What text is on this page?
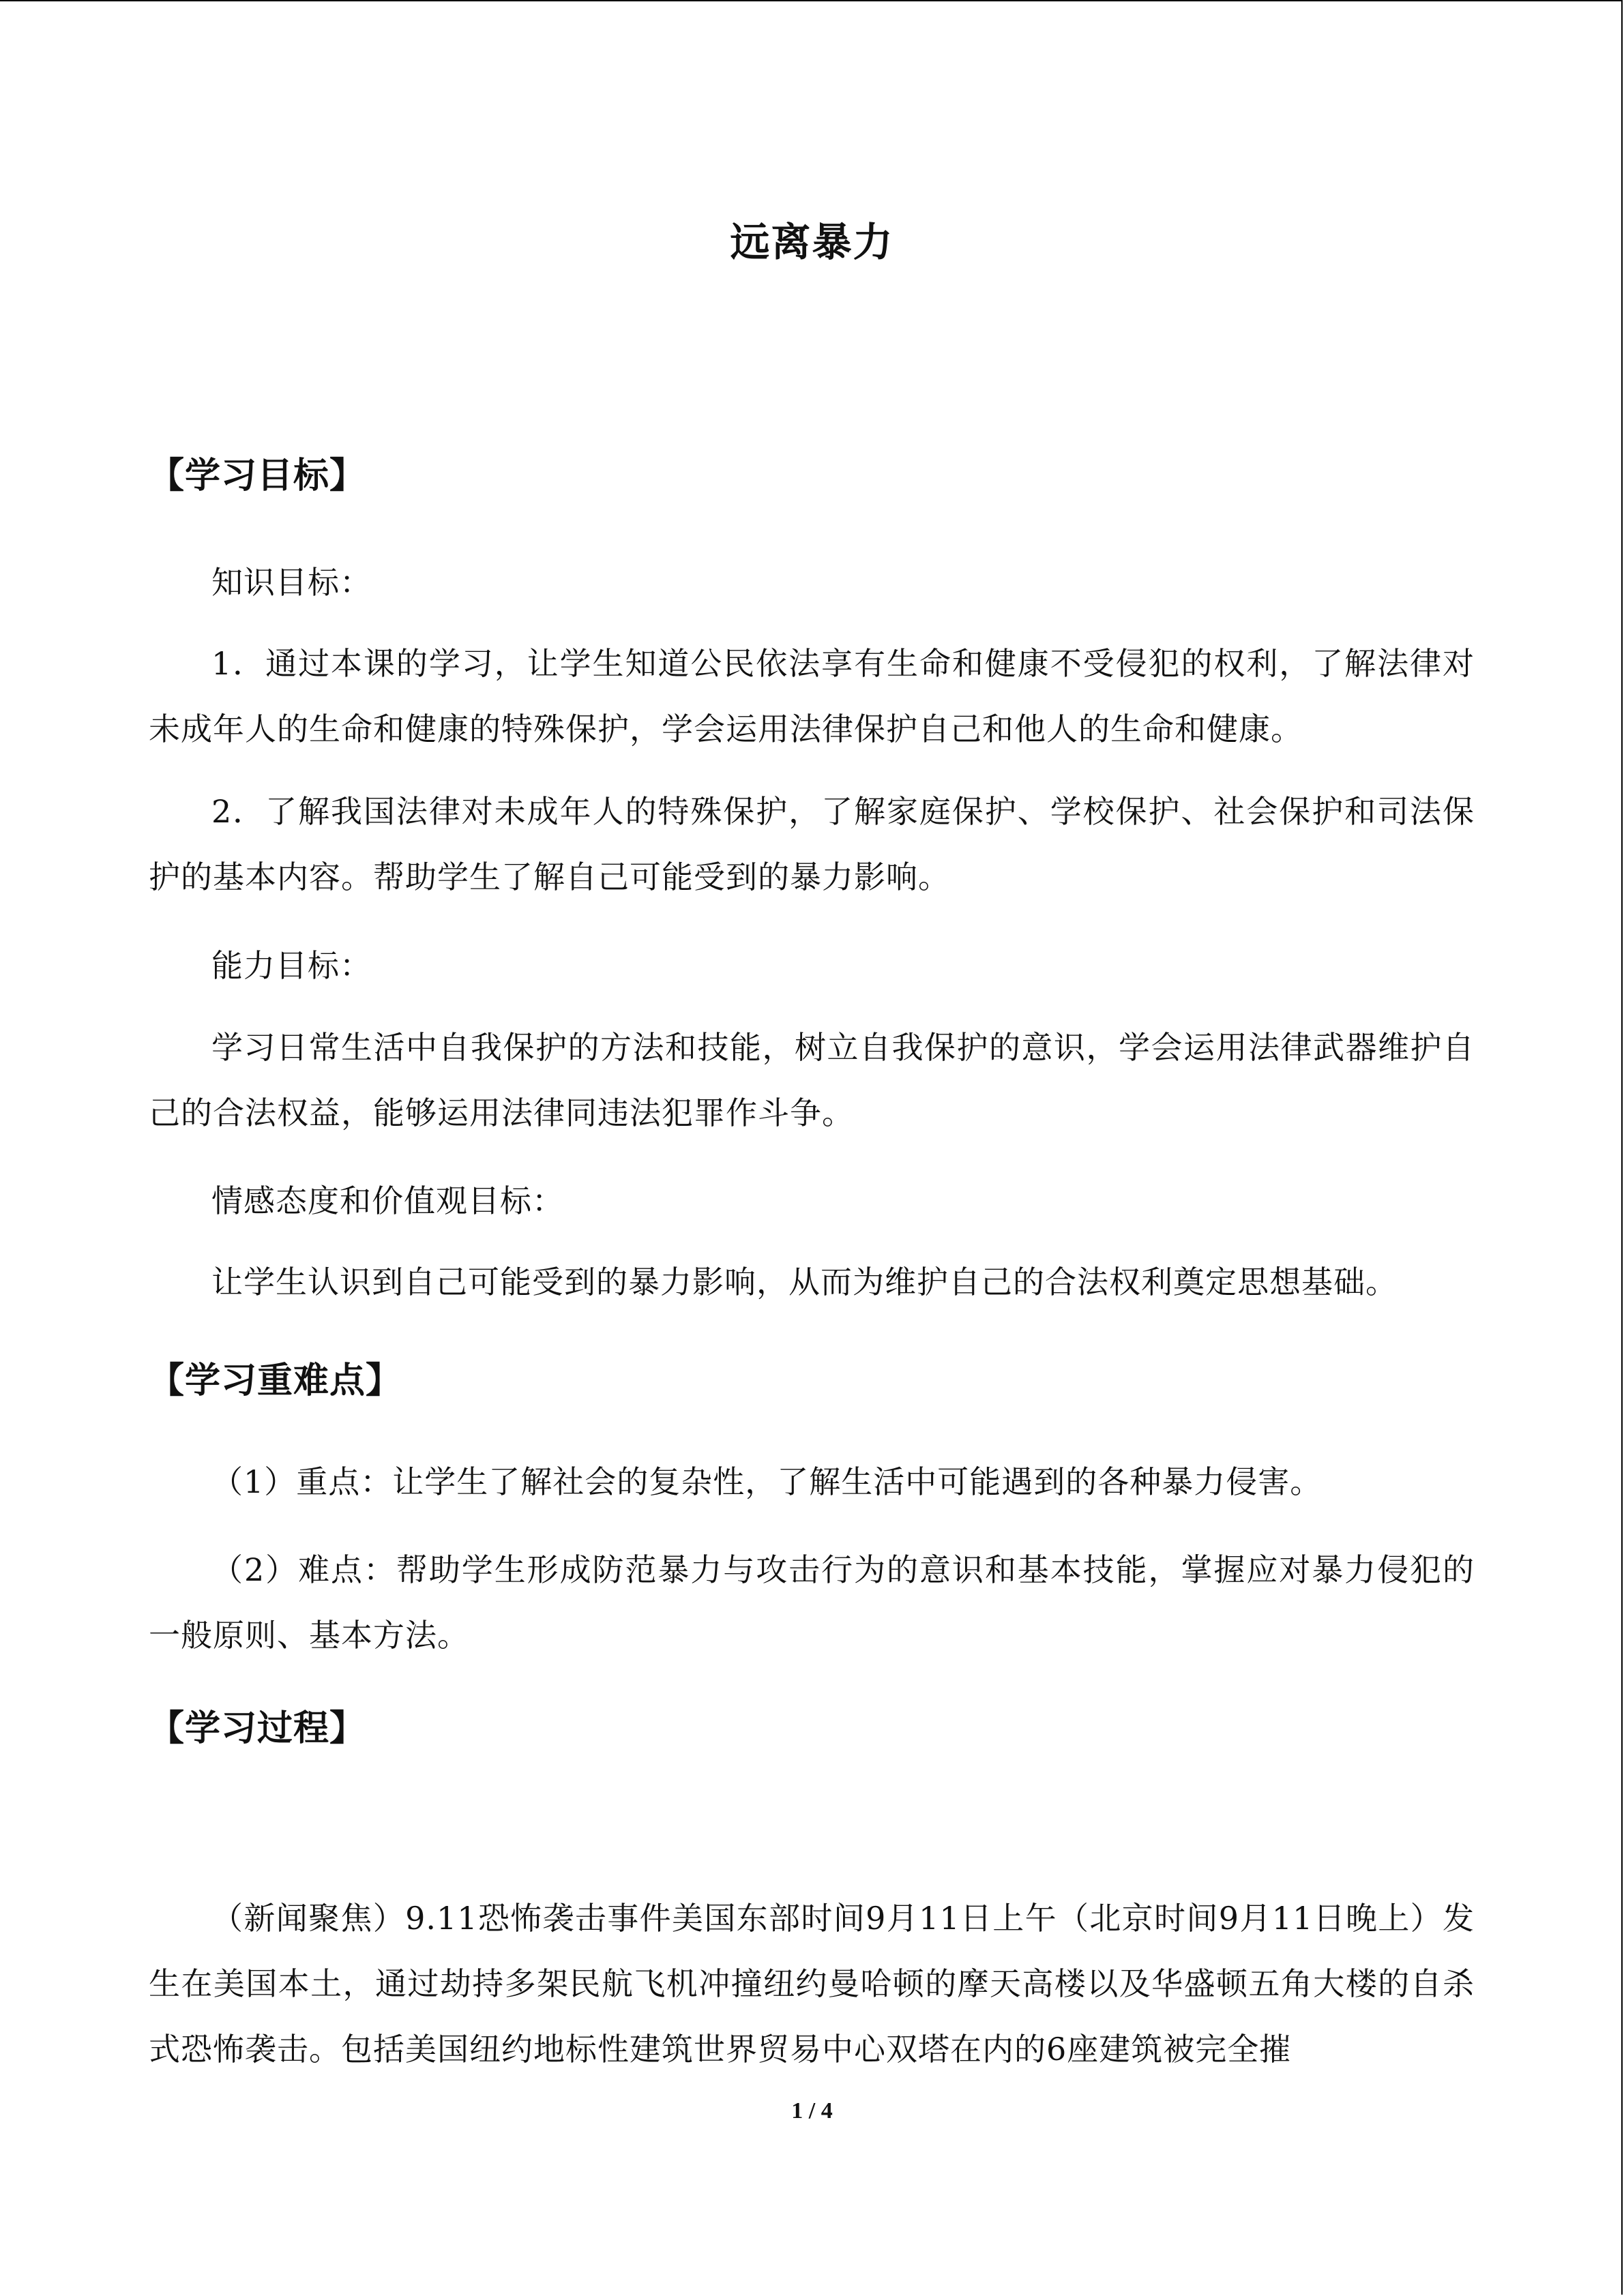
远离暴力
【学习目标】
知识目标：

1．通过本课的学习，让学生知道公民依法享有生命和健康不受侵犯的权利，了解法律对未成年人的生命和健康的特殊保护，学会运用法律保护自己和他人的生命和健康。

2．了解我国法律对未成年人的特殊保护，了解家庭保护、学校保护、社会保护和司法保护的基本内容。帮助学生了解自己可能受到的暴力影响。

能力目标：

学习日常生活中自我保护的方法和技能，树立自我保护的意识，学会运用法律武器维护自己的合法权益，能够运用法律同违法犯罪作斗争。

情感态度和价值观目标：

让学生认识到自己可能受到的暴力影响，从而为维护自己的合法权利奠定思想基础。

【学习重难点】

（1）重点：让学生了解社会的复杂性，了解生活中可能遇到的各种暴力侵害。

（2）难点：帮助学生形成防范暴力与攻击行为的意识和基本技能，掌握应对暴力侵犯的一般原则、基本方法。

【学习过程】

（新闻聚焦）9.11恐怖袭击事件美国东部时间9月11日上午（北京时间9月11日晚上）发生在美国本土，通过劫持多架民航飞机冲撞纽约曼哈顿的摩天高楼以及华盛顿五角大楼的自杀式恐怖袭击。包括美国纽约地标性建筑世界贸易中心双塔在内的6座建筑被完全摧

1 / 4
